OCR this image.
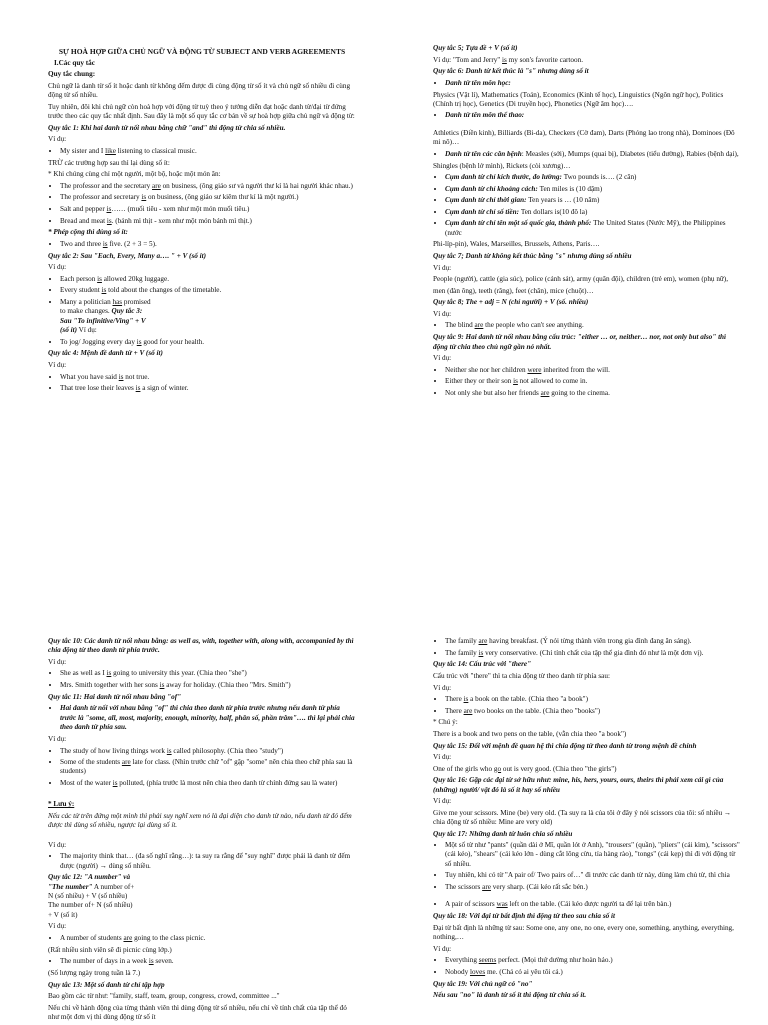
SỰ HOÀ HỢP GIỮA CHỦ NGỮ VÀ ĐỘNG TỪ SUBJECT AND VERB AGREEMENTS

I.Các quy tắc

Quy tắc chung:

Chủ ngữ là danh từ số ít hoặc danh từ không đếm được đi cùng động từ số ít và chủ ngữ số nhiều đi cùng

động từ số nhiều.

Tuy nhiên, đôi khi chủ ngữ còn hoà hợp với động từ tuỳ theo ý tưởng diễn đạt hoặc danh từ/đại từ đứng trước theo các quy tắc nhất định. Sau đây là một số quy tắc cơ bản về sự hoà hợp giữa chủ ngữ và động từ:

Quy tắc 1: Khi hai danh từ nối nhau bằng chữ "and" thì động từ chia số nhiều.

Ví dụ:

• My sister and I like listening to classical music.

TRỪ các trường hợp sau thì lại dùng số ít:

* Khi chúng cùng chỉ một người, một bộ, hoặc một món ăn:

• The professor and the secretary are on business, (ông giáo sư và người thư kí là hai người khác nhau.)
• The professor and secretary is on business, (ông giáo sư kiêm thư kí là một người.)
• Salt and pepper is…… (muối tiêu - xem như một món muối tiêu.)
• Bread and meat is. (bánh mì thịt - xem như một món bánh mì thịt.)

* Phép cộng thì dùng số ít:

• Two and three is five. (2 + 3 = 5).

Quy tắc 2: Sau "Each, Every, Many a…. " + V (số ít)

Ví dụ:

• Each person is allowed 20kg luggage.
• Every student is told about the changes of the timetable.
• Many a politician has promised
to make changes. Quy tắc 3:
Sau "To infinitive/Ving" + V
(số ít) Ví dụ:
• To jog/ Jogging every day is good for your health.

Quy tắc 4: Mệnh đề danh từ + V (số ít)

Ví dụ:

• What you have said is not true.
• That tree lose their leaves is a sign of winter.

Quy tắc 5; Tựa đề + V (số ít)

Ví dụ: "Tom and Jerry" is my son's favorite cartoon.

Quy tắc 6: Danh từ kết thúc là "s" nhưng dùng số ít

• Danh từ tên môn học:

Physics (Vật lí), Mathematics (Toán), Economics (Kinh tế học), Linguistics (Ngôn ngữ học), Politics (Chính trị học), Genetics (Di truyền học), Phonetics (Ngữ âm học)….

• Danh từ tên môn thể thao:

Athletics (Điền kinh), Billiards (Bi-da), Checkers (Cờ đam), Darts (Phóng lao trong nhà), Dominoes (Đô

mi nô)…

• Danh từ tên các căn bệnh: Measles (sởi), Mumps (quai bị), Diabetes (tiểu đường), Rabies (bệnh dại),

Shingles (bệnh lở mình), Rickets (còi xương)…

• Cụm danh từ chỉ kích thước, đo lường: Two pounds is…. (2 cân)
• Cụm danh từ chỉ khoảng cách: Ten miles is (10 dặm)
• Cụm danh từ chỉ thời gian: Ten years is … (10 năm)
• Cụm danh từ chỉ số tiền: Ten dollars is(10 đô la)
• Cụm danh từ chỉ tên một số quốc gia, thành phố: The United States (Nước Mỹ), the Philippines (nước

Phi-líp-pin), Wales, Marseilles, Brussels, Athens, Paris….

Quy tắc 7; Danh từ không kết thúc bằng "s" nhưng dùng số nhiều

Ví dụ:

People (người), cattle (gia súc), police (cảnh sát), army (quân đội), children (trẻ em), women (phụ nữ),

men (đàn ông), teeth (răng), feet (chân), mice (chuột)…

Quy tắc 8; The + adj = N (chỉ người) + V (số. nhiều)

Ví dụ:

• The blind are the people who can't see anything.

Quy tắc 9: Hai danh từ nối nhau bằng cấu trúc: "either … or, neither… nor, not only but also" thì

động từ chia theo chủ ngữ gần nó nhất.

Ví dụ:

• Neither she nor her children were inherited from the will.
• Either they or their son is not allowed to come in.
• Not only she but also her friends are going to the cinema.

Quy tắc 10: Các danh từ nối nhau bằng: as well as, with, together with, along with, accompanied by thì chia động từ theo danh từ phía trước.

Ví dụ:

• She as well as I is going to university this year. (Chia theo "she")
• Mrs. Smith together with her sons is away for holiday. (Chia theo "Mrs. Smith")

Quy tắc 11: Hai danh từ nối nhau bằng "of"

• Hai danh từ nối với nhau bằng "of" thì chia theo danh từ phía trước nhưng nếu danh từ phía trước là "some, all, most, majority, enough, minority, half, phân số, phần trăm"…. thì lại phải chia theo danh từ phía sau.

Ví dụ:

• The study of how living things work is called philosophy. (Chia theo "study")
• Some of the students are late for class. (Nhìn trước chữ "of" gặp "some" nên chia theo chữ phía sau là students)
• Most of the water is polluted, (phía trước là most nên chia theo danh từ chính đứng sau là water)

* Lưu ý:

Nếu các từ trên đứng một mình thì phải suy nghĩ xem nó là đại diện cho danh từ nào, nếu danh từ đó đếm được thì dùng số nhiều, ngược lại dùng số ít.

Ví dụ:

• The majority think that… (đa số nghĩ rằng…): ta suy ra rằng để "suy nghĩ" được phải là danh từ đếm được (người) → dùng số nhiều.

Quy tắc 12: "A number" và
"The number" A number of+
N (số nhiều) + V (số nhiều)
The number of+ N (số nhiều)
+ V (số ít)

Ví dụ:

• A number of students are going to the class picnic.

(Rất nhiều sinh viên sẽ đi picnic cùng lớp.)

• The number of days in a week is seven.

(Số lượng ngày trong tuần là 7.)

Quy tắc 13: Một số danh từ chỉ tập hợp

Bao gồm các từ như: "family, staff, team, group, congress, crowd, committee ..."

Nếu chỉ về hành động của từng thành viên thì dùng động từ số nhiều, nếu chỉ về tính chất của tập thể đó như một đơn vị thì dùng động từ số ít

• The family are having breakfast. (Ý nói từng thành viên trong gia đình đang ăn sáng).
• The family is very conservative. (Chỉ tính chất của tập thể gia đình đó như là một đơn vị).

Quy tắc 14: Cấu trúc với "there"

Cấu trúc với "there" thì ta chia động từ theo danh từ phía sau:

Ví dụ:

• There is a book on the table. (Chia theo "a book")
• There are two books on the table. (Chia theo "books")

* Chú ý:

There is a book and two pens on the table, (vẫn chia theo "a book")

Quy tắc 15: Đối với mệnh đề quan hệ thì chia động từ theo danh từ trong mệnh đề chính

Ví dụ:

One of the girls who go out is very good. (Chia theo "the girls")

Quy tắc 16: Gặp các đại từ sở hữu như: mine, his, hers, yours, ours, theirs thì phải xem cái gì của (những) người/ vật đó là số ít hay số nhiều

Ví dụ:

Give me your scissors. Mine (be) very old. (Ta suy ra là của tôi ở đây ý nói scissors của tôi: số nhiều →

chia động từ số nhiều: Mine are very old)

Quy tắc 17: Những danh từ luôn chia số nhiều

• Một số từ như "pants" (quần dài ở Mĩ, quần lót ở Anh), "trousers" (quần), "pliers" (cái kìm), "scissors" (cái kéo), "shears" (cái kéo lớn - dùng cắt lông cừu, tỉa hàng rào), "tongs" (cái kẹp) thì đi với động từ số nhiều.
• Tuy nhiên, khi có từ "A pair of/ Two pairs of…" đi trước các danh từ này, dùng làm chủ từ, thì chia
• The scissors are very sharp. (Cái kéo rất sắc bén.)
• A pair of scissors was left on the table. (Cái kéo được người ta để lại trên bàn.)

Quy tắc 18: Với đại từ bất định thì động từ theo sau chia số ít

Đại từ bất định là những từ sau: Some one, any one, no one, every one, something, anything, everything, nothing,…

Ví dụ:

• Everything seems perfect. (Mọi thứ dường như hoàn hảo.)
• Nobody loves me. (Chả có ai yêu tôi cả.)

Quy tắc 19: Với chủ ngữ có "no"

Nếu sau "no" là danh từ số ít thì động từ chia số ít.
